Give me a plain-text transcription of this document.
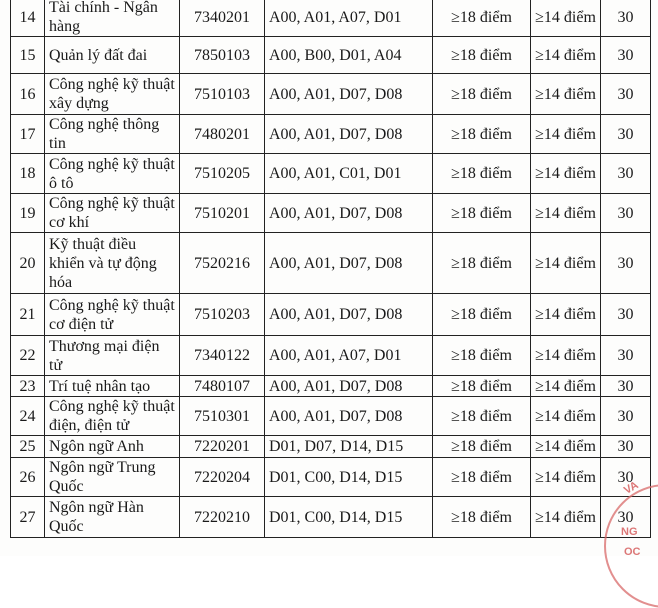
14	Tài chính - Ngân hàng	7340201	A00, A01, A07, D01	≥18 điểm	≥14 điểm	30
15	Quản lý đất đai	7850103	A00, B00, D01, A04	≥18 điểm	≥14 điểm	30
16	Công nghệ kỹ thuật xây dựng	7510103	A00, A01, D07, D08	≥18 điểm	≥14 điểm	30
17	Công nghệ thông tin	7480201	A00, A01, D07, D08	≥18 điểm	≥14 điểm	30
18	Công nghệ kỹ thuật ô tô	7510205	A00, A01, C01, D01	≥18 điểm	≥14 điểm	30
19	Công nghệ kỹ thuật cơ khí	7510201	A00, A01, D07, D08	≥18 điểm	≥14 điểm	30
20	Kỹ thuật điều khiển và tự động hóa	7520216	A00, A01, D07, D08	≥18 điểm	≥14 điểm	30
21	Công nghệ kỹ thuật cơ điện tử	7510203	A00, A01, D07, D08	≥18 điểm	≥14 điểm	30
22	Thương mại điện tử	7340122	A00, A01, A07, D01	≥18 điểm	≥14 điểm	30
23	Trí tuệ nhân tạo	7480107	A00, A01, D07, D08	≥18 điểm	≥14 điểm	30
24	Công nghệ kỹ thuật điện, điện tử	7510301	A00, A01, D07, D08	≥18 điểm	≥14 điểm	30
25	Ngôn ngữ Anh	7220201	D01, D07, D14, D15	≥18 điểm	≥14 điểm	30
26	Ngôn ngữ Trung Quốc	7220204	D01, C00, D14, D15	≥18 điểm	≥14 điểm	30
27	Ngôn ngữ Hàn Quốc	7220210	D01, C00, D14, D15	≥18 điểm	≥14 điểm	30
VA
NG
OC
